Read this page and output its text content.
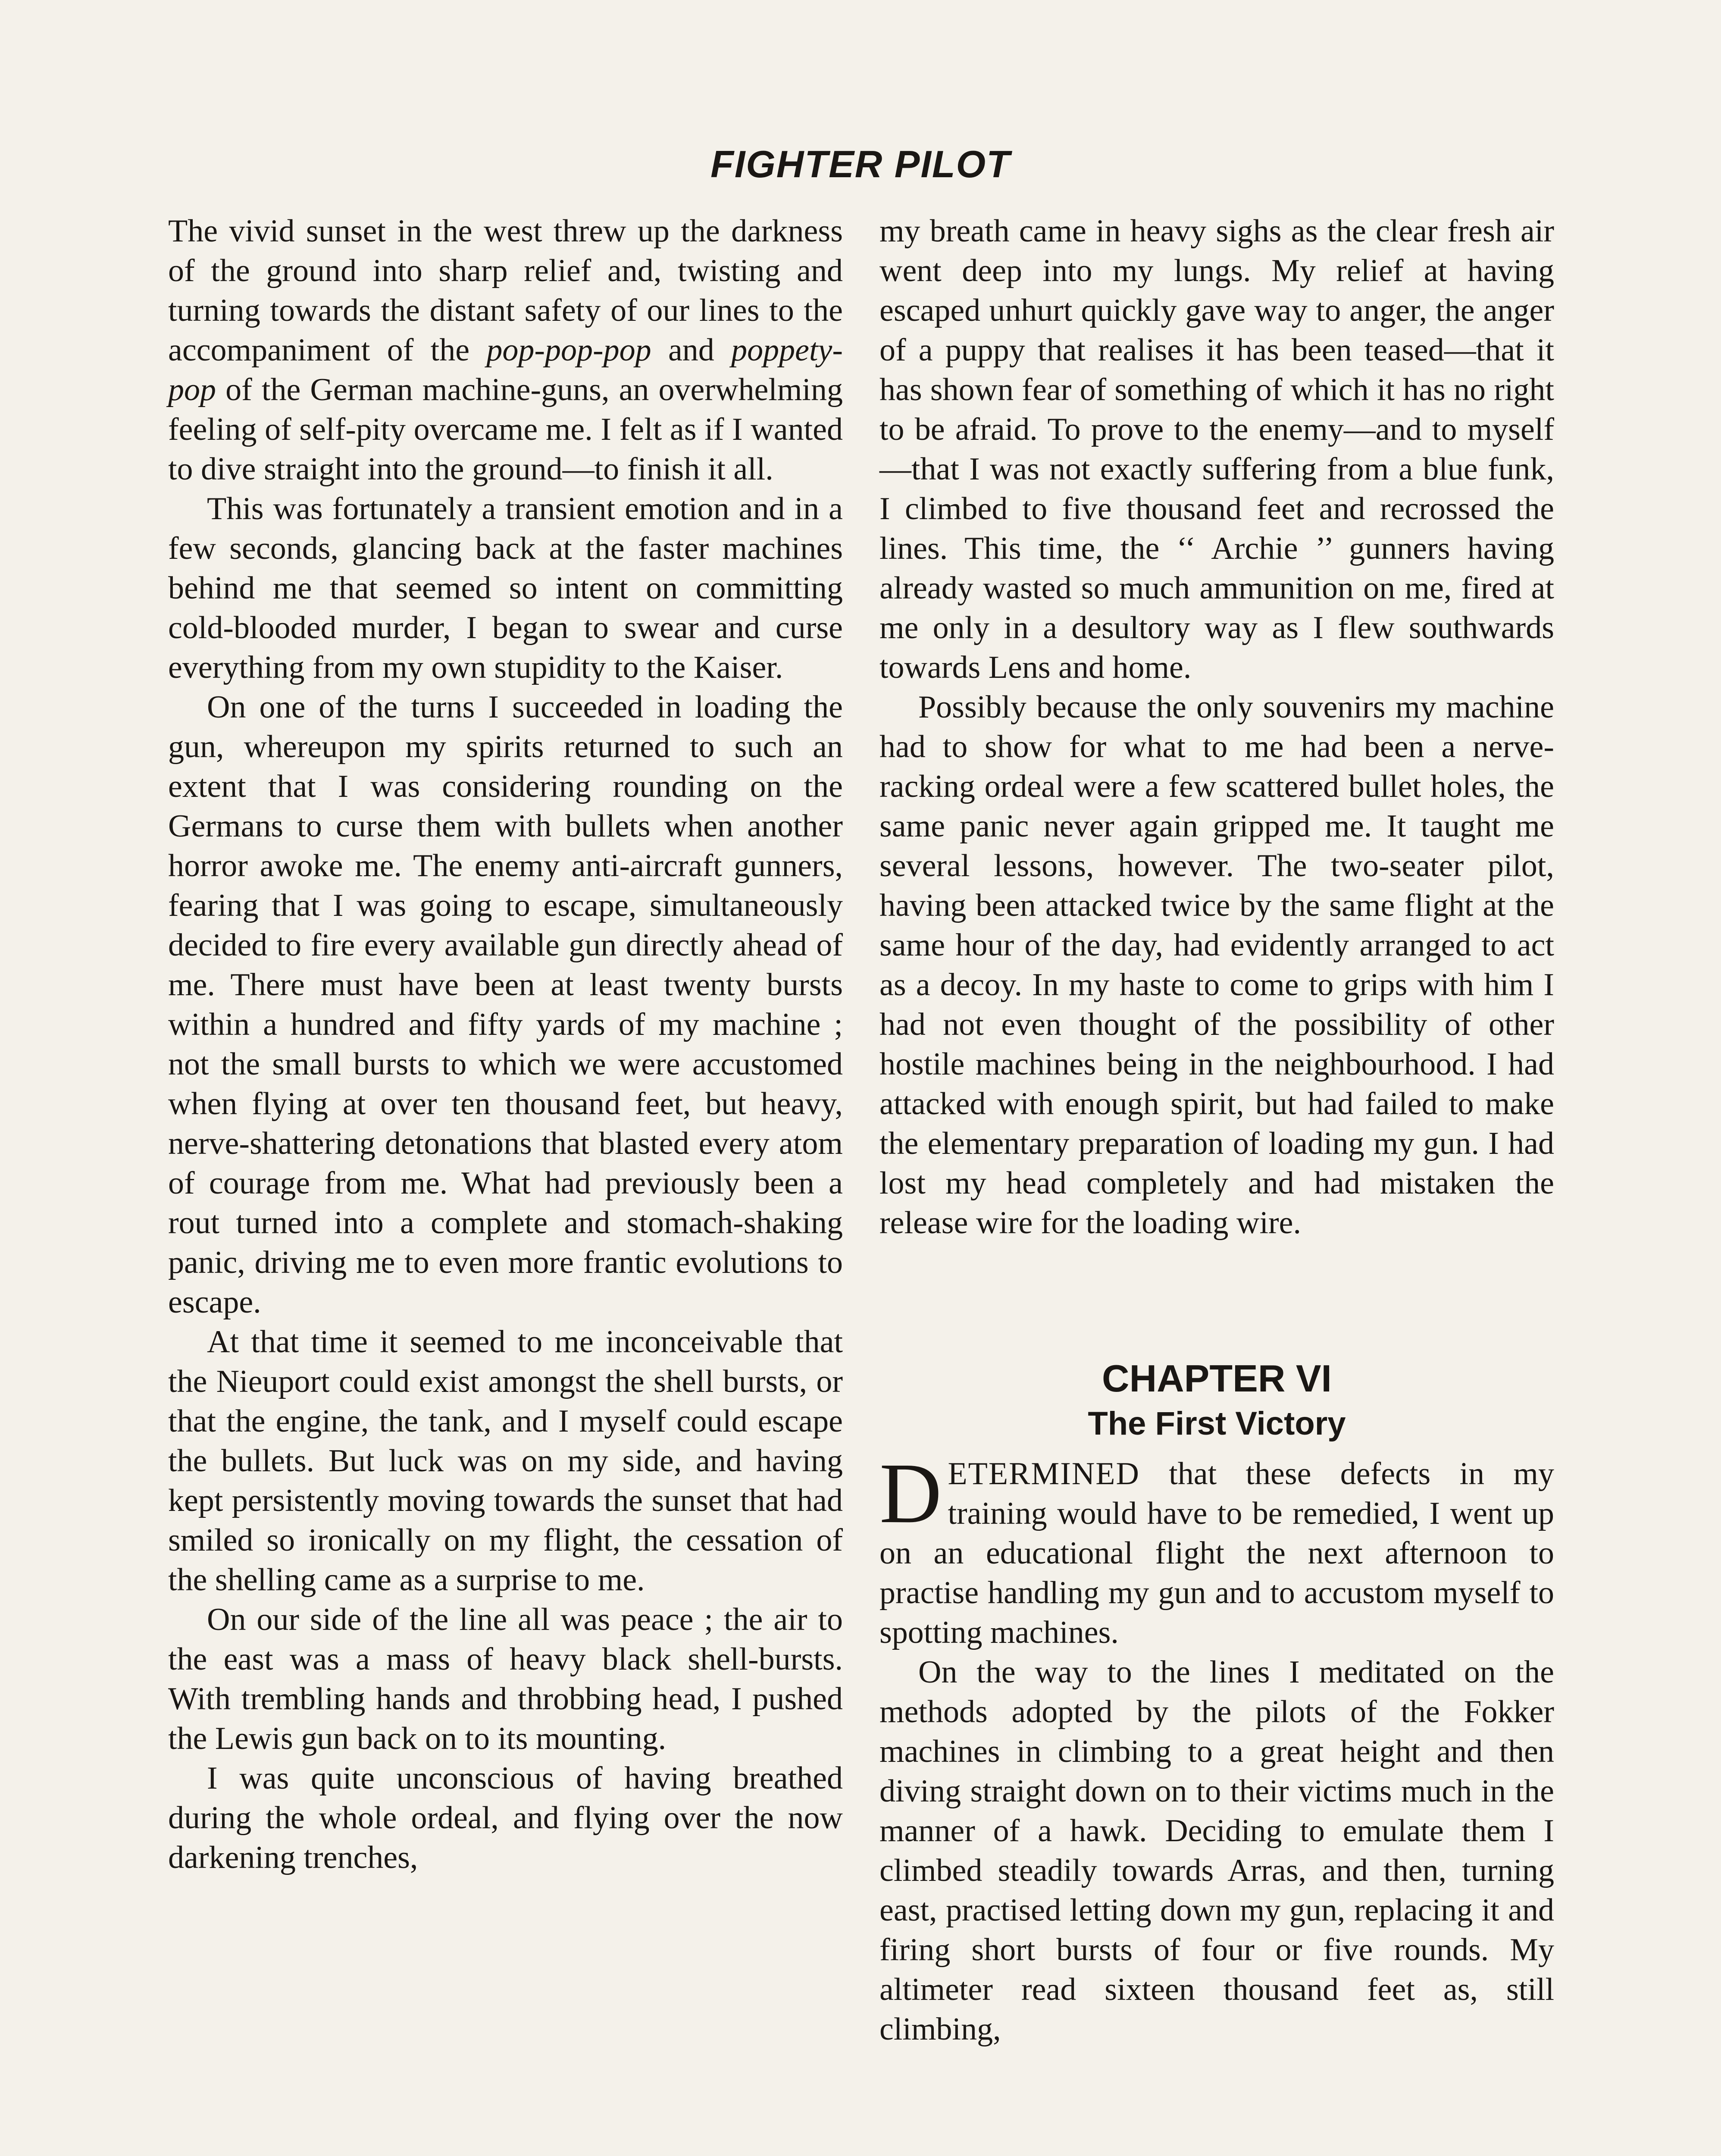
FIGHTER PILOT

The vivid sunset in the west threw up the darkness of the ground into sharp relief and, twisting and turning towards the distant safety of our lines to the accompaniment of the pop-pop-pop and poppety-pop of the German machine-guns, an overwhelming feeling of self-pity overcame me. I felt as if I wanted to dive straight into the ground—to finish it all.

This was fortunately a transient emotion and in a few seconds, glancing back at the faster machines behind me that seemed so intent on committing cold-blooded murder, I began to swear and curse everything from my own stupidity to the Kaiser.

On one of the turns I succeeded in loading the gun, whereupon my spirits returned to such an extent that I was considering rounding on the Germans to curse them with bullets when another horror awoke me. The enemy anti-aircraft gunners, fearing that I was going to escape, simultaneously decided to fire every available gun directly ahead of me. There must have been at least twenty bursts within a hundred and fifty yards of my machine ; not the small bursts to which we were accustomed when flying at over ten thousand feet, but heavy, nerve-shattering detonations that blasted every atom of courage from me. What had previously been a rout turned into a complete and stomach-shaking panic, driving me to even more frantic evolutions to escape.

At that time it seemed to me inconceivable that the Nieuport could exist amongst the shell bursts, or that the engine, the tank, and I myself could escape the bullets. But luck was on my side, and having kept persistently moving towards the sunset that had smiled so ironically on my flight, the cessation of the shelling came as a surprise to me.

On our side of the line all was peace ; the air to the east was a mass of heavy black shell-bursts. With trembling hands and throbbing head, I pushed the Lewis gun back on to its mounting.

I was quite unconscious of having breathed during the whole ordeal, and flying over the now darkening trenches,

my breath came in heavy sighs as the clear fresh air went deep into my lungs. My relief at having escaped unhurt quickly gave way to anger, the anger of a puppy that realises it has been teased—that it has shown fear of something of which it has no right to be afraid. To prove to the enemy—and to myself—that I was not exactly suffering from a blue funk, I climbed to five thousand feet and recrossed the lines. This time, the ‘‘ Archie ’’ gunners having already wasted so much ammunition on me, fired at me only in a desultory way as I flew southwards towards Lens and home.

Possibly because the only souvenirs my machine had to show for what to me had been a nerve-racking ordeal were a few scattered bullet holes, the same panic never again gripped me. It taught me several lessons, however. The two-seater pilot, having been attacked twice by the same flight at the same hour of the day, had evidently arranged to act as a decoy. In my haste to come to grips with him I had not even thought of the possibility of other hostile machines being in the neighbourhood. I had attacked with enough spirit, but had failed to make the elementary preparation of loading my gun. I had lost my head completely and had mistaken the release wire for the loading wire.

CHAPTER VI
The First Victory

DETERMINED that these defects in my training would have to be remedied, I went up on an educational flight the next afternoon to practise handling my gun and to accustom myself to spotting machines.

On the way to the lines I meditated on the methods adopted by the pilots of the Fokker machines in climbing to a great height and then diving straight down on to their victims much in the manner of a hawk. Deciding to emulate them I climbed steadily towards Arras, and then, turning east, practised letting down my gun, replacing it and firing short bursts of four or five rounds. My altimeter read sixteen thousand feet as, still climbing,
